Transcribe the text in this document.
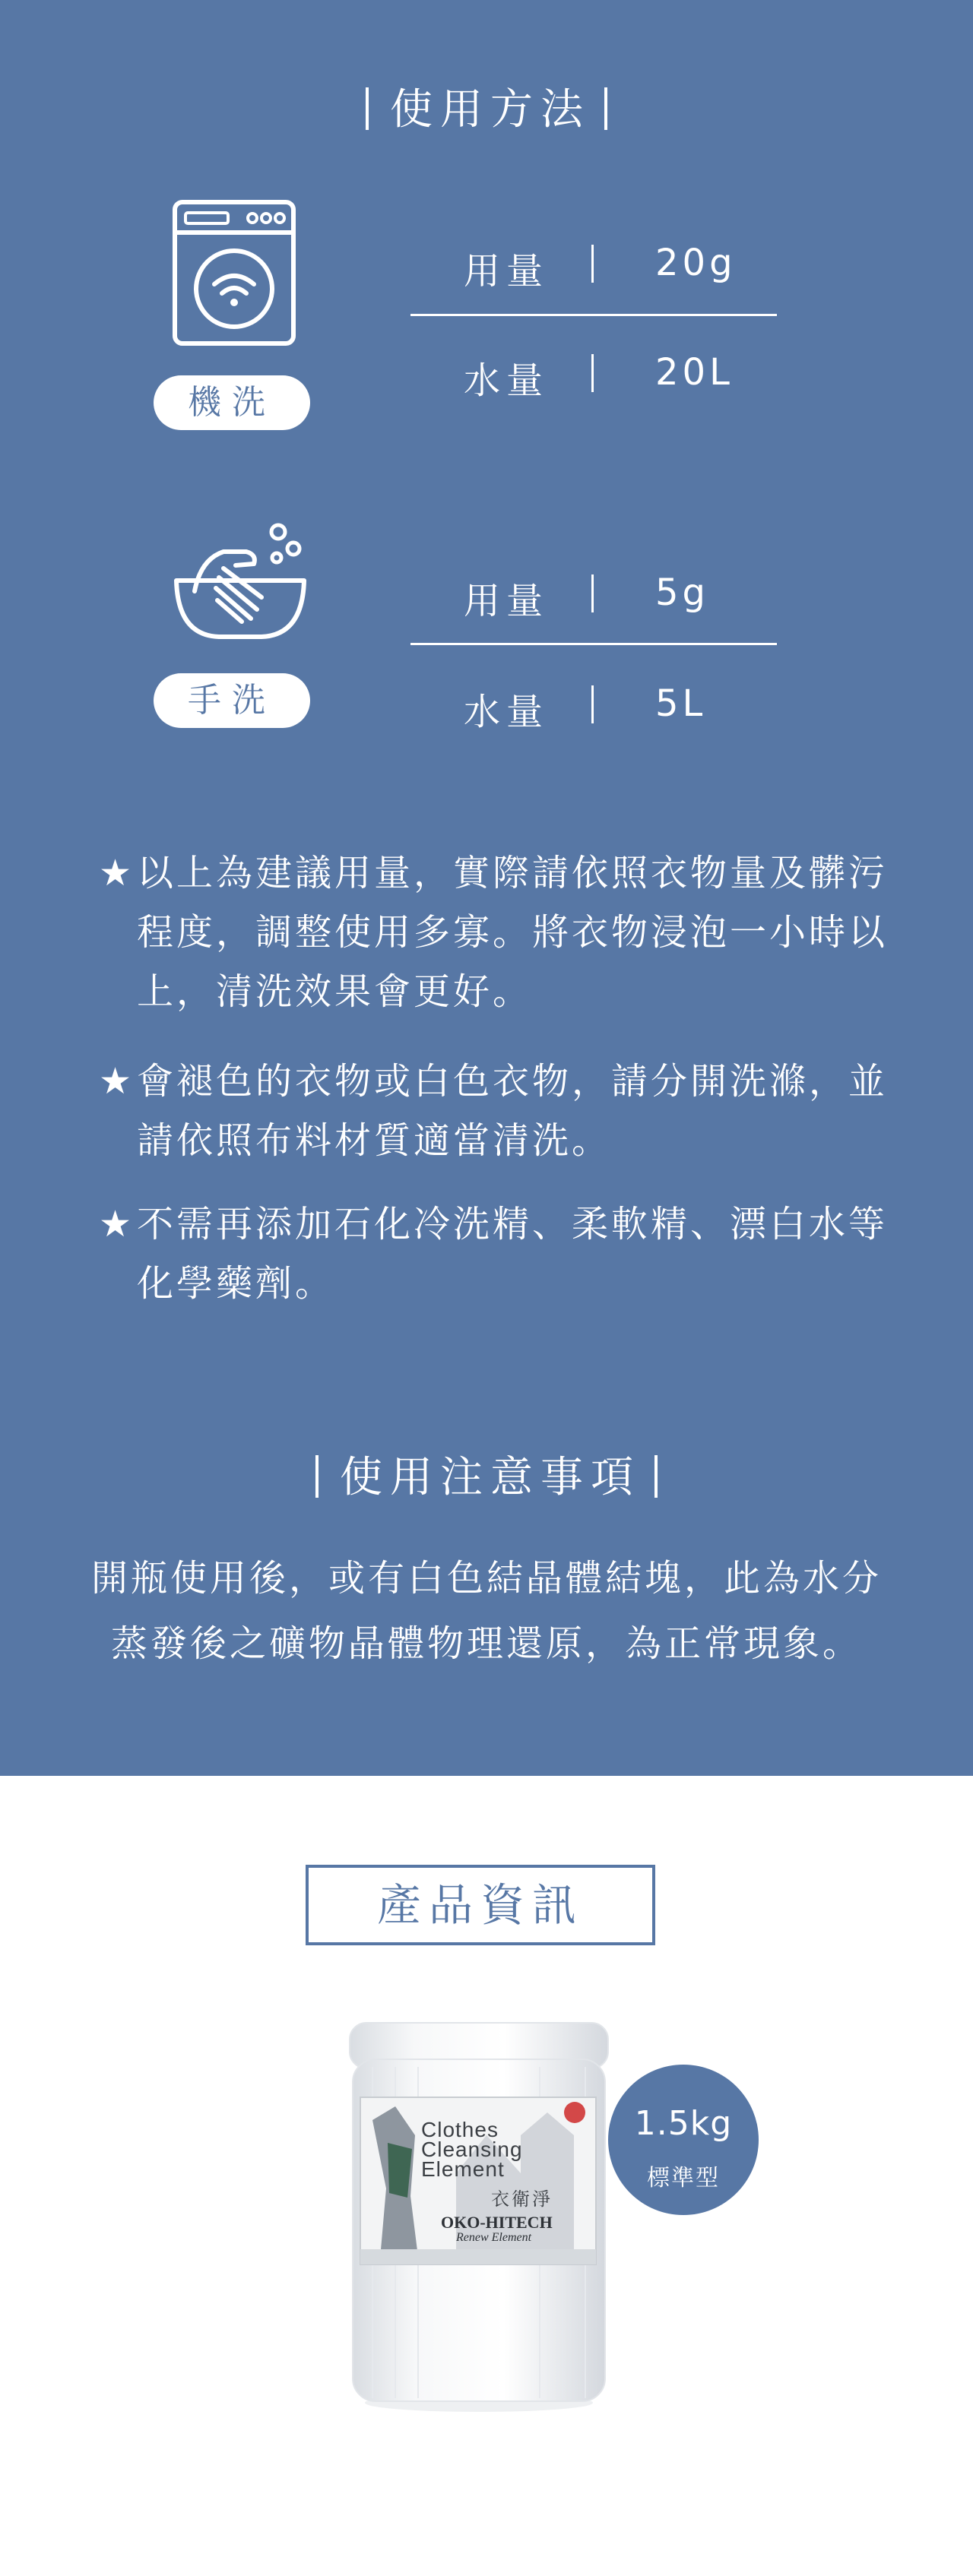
使用方法
機洗
用量	20g
水量	20L
手洗
用量	5g
水量	5L
★ 以上為建議用量，實際請依照衣物量及髒污程度，調整使用多寡。將衣物浸泡一小時以上，清洗效果會更好。
★ 會褪色的衣物或白色衣物，請分開洗滌，並請依照布料材質適當清洗。
★ 不需再添加石化冷洗精、柔軟精、漂白水等化學藥劑。
使用注意事項
開瓶使用後，或有白色結晶體結塊，此為水分
蒸發後之礦物晶體物理還原，為正常現象。
產品資訊
Clothes
Cleansing
Element
衣衛淨
OKO-HITECH
Renew Element
1.5kg
標準型
